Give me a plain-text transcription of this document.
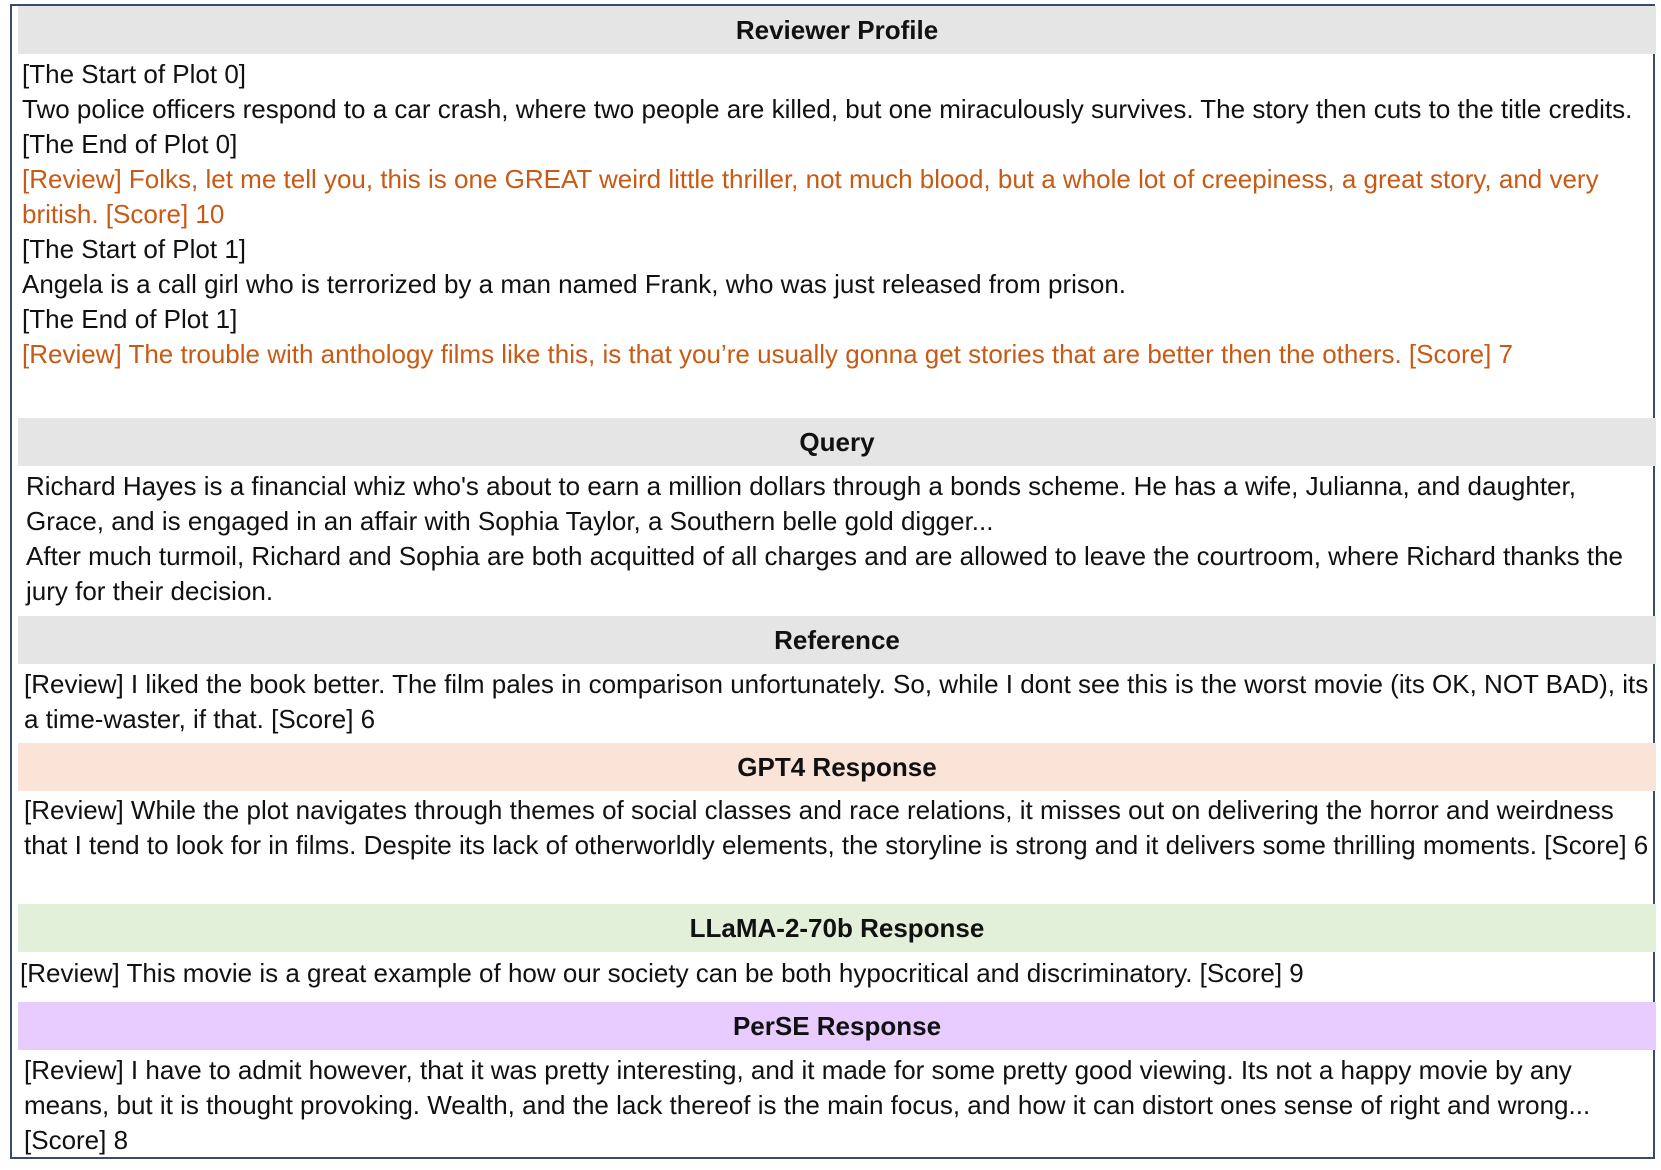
Reviewer Profile
[The Start of Plot 0]
Two police officers respond to a car crash, where two people are killed, but one miraculously survives. The story then cuts to the title credits.
[The End of Plot 0]
[Review] Folks, let me tell you, this is one GREAT weird little thriller, not much blood, but a whole lot of creepiness, a great story, and very british. [Score] 10
[The Start of Plot 1]
Angela is a call girl who is terrorized by a man named Frank, who was just released from prison.
[The End of Plot 1]
[Review] The trouble with anthology films like this, is that you’re usually gonna get stories that are better then the others. [Score] 7
Query
Richard Hayes is a financial whiz who's about to earn a million dollars through a bonds scheme. He has a wife, Julianna, and daughter, Grace, and is engaged in an affair with Sophia Taylor, a Southern belle gold digger...
After much turmoil, Richard and Sophia are both acquitted of all charges and are allowed to leave the courtroom, where Richard thanks the jury for their decision.
Reference
[Review] I liked the book better. The film pales in comparison unfortunately. So, while I dont see this is the worst movie (its OK, NOT BAD), its a time-waster, if that. [Score] 6
GPT4 Response
[Review] While the plot navigates through themes of social classes and race relations, it misses out on delivering the horror and weirdness that I tend to look for in films. Despite its lack of otherworldly elements, the storyline is strong and it delivers some thrilling moments. [Score] 6
LLaMA-2-70b Response
[Review] This movie is a great example of how our society can be both hypocritical and discriminatory. [Score] 9
PerSE Response
[Review] I have to admit however, that it was pretty interesting, and it made for some pretty good viewing. Its not a happy movie by any means, but it is thought provoking. Wealth, and the lack thereof is the main focus, and how it can distort ones sense of right and wrong...[Score] 8
